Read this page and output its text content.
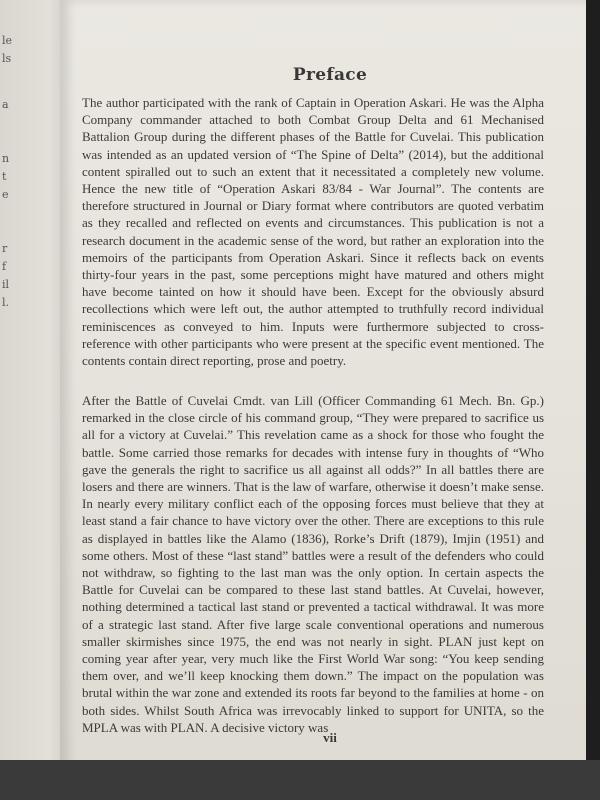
le
ls
a
n
t
e
r
f
il
l.
Preface

The author participated with the rank of Captain in Operation Askari. He was the Alpha Company commander attached to both Combat Group Delta and 61 Mechanised Battalion Group during the different phases of the Battle for Cuvelai. This publication was intended as an updated version of “The Spine of Delta” (2014), but the additional content spiralled out to such an extent that it necessitated a completely new volume. Hence the new title of “Operation Askari 83/84 - War Journal”. The contents are therefore structured in Journal or Diary format where contributors are quoted verbatim as they recalled and reflected on events and circumstances. This publication is not a research document in the academic sense of the word, but rather an exploration into the memoirs of the participants from Operation Askari. Since it reflects back on events thirty-four years in the past, some perceptions might have matured and others might have become tainted on how it should have been. Except for the obviously absurd recollections which were left out, the author attempted to truthfully record individual reminiscences as conveyed to him. Inputs were furthermore subjected to cross- reference with other participants who were present at the specific event mentioned. The contents contain direct reporting, prose and poetry.

After the Battle of Cuvelai Cmdt. van Lill (Officer Commanding 61 Mech. Bn. Gp.) remarked in the close circle of his command group, “They were prepared to sacrifice us all for a victory at Cuvelai.” This revelation came as a shock for those who fought the battle. Some carried those remarks for decades with intense fury in thoughts of “Who gave the generals the right to sacrifice us all against all odds?” In all battles there are losers and there are winners. That is the law of warfare, otherwise it doesn’t make sense. In nearly every military conflict each of the opposing forces must believe that they at least stand a fair chance to have victory over the other. There are exceptions to this rule as displayed in battles like the Alamo (1836), Rorke’s Drift (1879), Imjin (1951) and some others. Most of these “last stand” battles were a result of the defenders who could not withdraw, so fighting to the last man was the only option. In certain aspects the Battle for Cuvelai can be compared to these last stand battles. At Cuvelai, however, nothing determined a tactical last stand or prevented a tactical withdrawal. It was more of a strategic last stand. After five large scale conventional operations and numerous smaller skirmishes since 1975, the end was not nearly in sight. PLAN just kept on coming year after year, very much like the First World War song: “You keep sending them over, and we’ll keep knocking them down.” The impact on the population was brutal within the war zone and extended its roots far beyond to the families at home - on both sides. Whilst South Africa was irrevocably linked to support for UNITA, so the MPLA was with PLAN. A decisive victory was

vii
